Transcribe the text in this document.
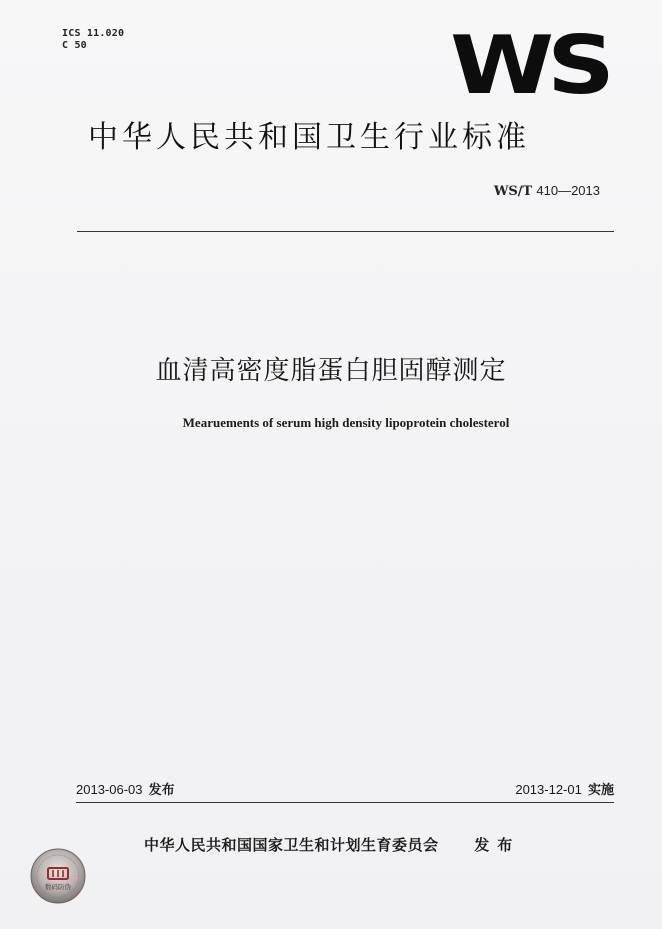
ICS 11.020
C 50	WS
中华人民共和国卫生行业标准
WS/T 410—2013
血清高密度脂蛋白胆固醇测定
Mearuements of serum high density lipoprotein cholesterol
2013-06-03 发布	2013-12-01 实施
中华人民共和国国家卫生和计划生育委员会 发布
数码防伪
